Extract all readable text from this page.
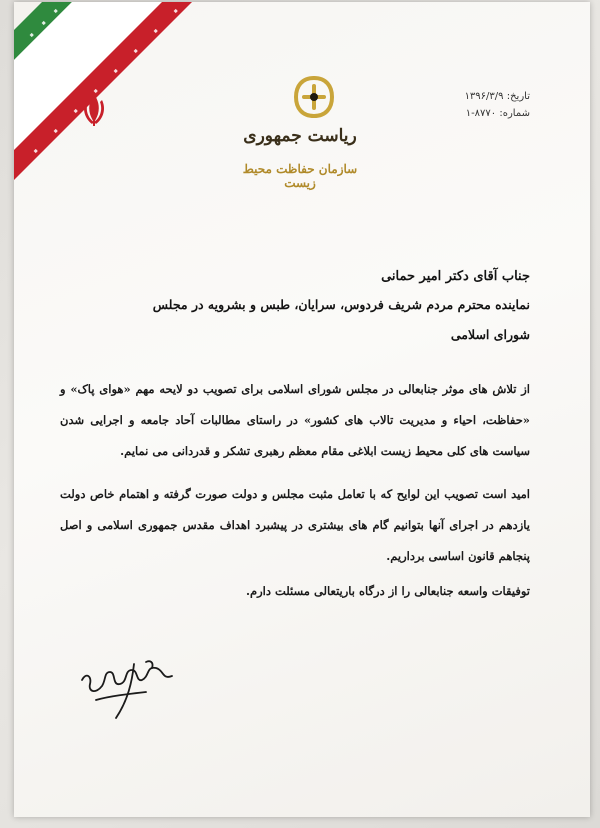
ریاست جمهوری
سازمان حفاظت محیط زیست
تاریخ: ۱۳۹۶/۳/۹
شماره: ۸۷۷۰-۱
جناب آقای دکتر امیر حمانی
نماینده محترم مردم شریف فردوس، سرایان، طبس و بشرویه در مجلس شورای اسلامی

از تلاش های موثر جنابعالی در مجلس شورای اسلامی برای تصویب دو لایحه مهم «هوای پاک» و «حفاظت، احیاء و مدیریت تالاب های کشور» در راستای مطالبات آحاد جامعه و اجرایی شدن سیاست های کلی محیط زیست ابلاغی مقام معظم رهبری تشکر و قدردانی می نمایم.

امید است تصویب این لوایح که با تعامل مثبت مجلس و دولت صورت گرفته و اهتمام خاص دولت یازدهم در اجرای آنها بتوانیم گام های بیشتری در پیشبرد اهداف مقدس جمهوری اسلامی و اصل پنجاهم قانون اساسی برداریم.

توفیقات واسعه جنابعالی را از درگاه باریتعالی مسئلت دارم.
